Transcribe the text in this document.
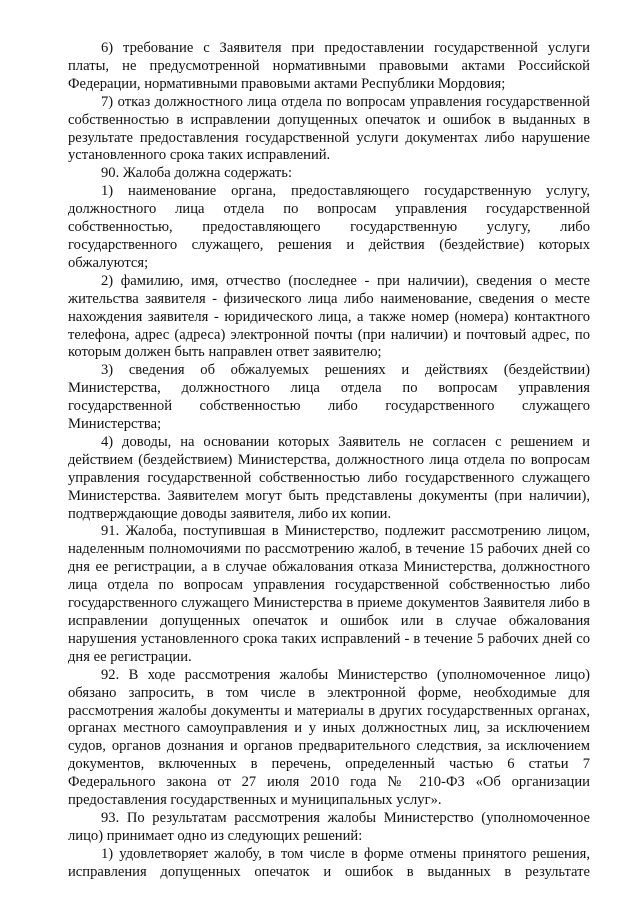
6) требование с Заявителя при предоставлении государственной услуги платы, не предусмотренной нормативными правовыми актами Российской Федерации, нормативными правовыми актами Республики Мордовия;

7) отказ должностного лица отдела по вопросам управления государственной собственностью в исправлении допущенных опечаток и ошибок в выданных в результате предоставления государственной услуги документах либо нарушение установленного срока таких исправлений.

90. Жалоба должна содержать:

1) наименование органа, предоставляющего государственную услугу, должностного лица отдела по вопросам управления государственной собственностью, предоставляющего государственную услугу, либо государственного служащего, решения и действия (бездействие) которых обжалуются;

2) фамилию, имя, отчество (последнее - при наличии), сведения о месте жительства заявителя - физического лица либо наименование, сведения о месте нахождения заявителя - юридического лица, а также номер (номера) контактного телефона, адрес (адреса) электронной почты (при наличии) и почтовый адрес, по которым должен быть направлен ответ заявителю;

3) сведения об обжалуемых решениях и действиях (бездействии) Министерства, должностного лица отдела по вопросам управления государственной собственностью либо государственного служащего Министерства;

4) доводы, на основании которых Заявитель не согласен с решением и действием (бездействием) Министерства, должностного лица отдела по вопросам управления государственной собственностью либо государственного служащего Министерства. Заявителем могут быть представлены документы (при наличии), подтверждающие доводы заявителя, либо их копии.

91. Жалоба, поступившая в Министерство, подлежит рассмотрению лицом, наделенным полномочиями по рассмотрению жалоб, в течение 15 рабочих дней со дня ее регистрации, а в случае обжалования отказа Министерства, должностного лица отдела по вопросам управления государственной собственностью либо государственного служащего Министерства в приеме документов Заявителя либо в исправлении допущенных опечаток и ошибок или в случае обжалования нарушения установленного срока таких исправлений - в течение 5 рабочих дней со дня ее регистрации.

92. В ходе рассмотрения жалобы Министерство (уполномоченное лицо) обязано запросить, в том числе в электронной форме, необходимые для рассмотрения жалобы документы и материалы в других государственных органах, органах местного самоуправления и у иных должностных лиц, за исключением судов, органов дознания и органов предварительного следствия, за исключением документов, включенных в перечень, определенный частью 6 статьи 7 Федерального закона от 27 июля 2010 года № 210-ФЗ «Об организации предоставления государственных и муниципальных услуг».

93. По результатам рассмотрения жалобы Министерство (уполномоченное лицо) принимает одно из следующих решений:

1) удовлетворяет жалобу, в том числе в форме отмены принятого решения, исправления допущенных опечаток и ошибок в выданных в результате
